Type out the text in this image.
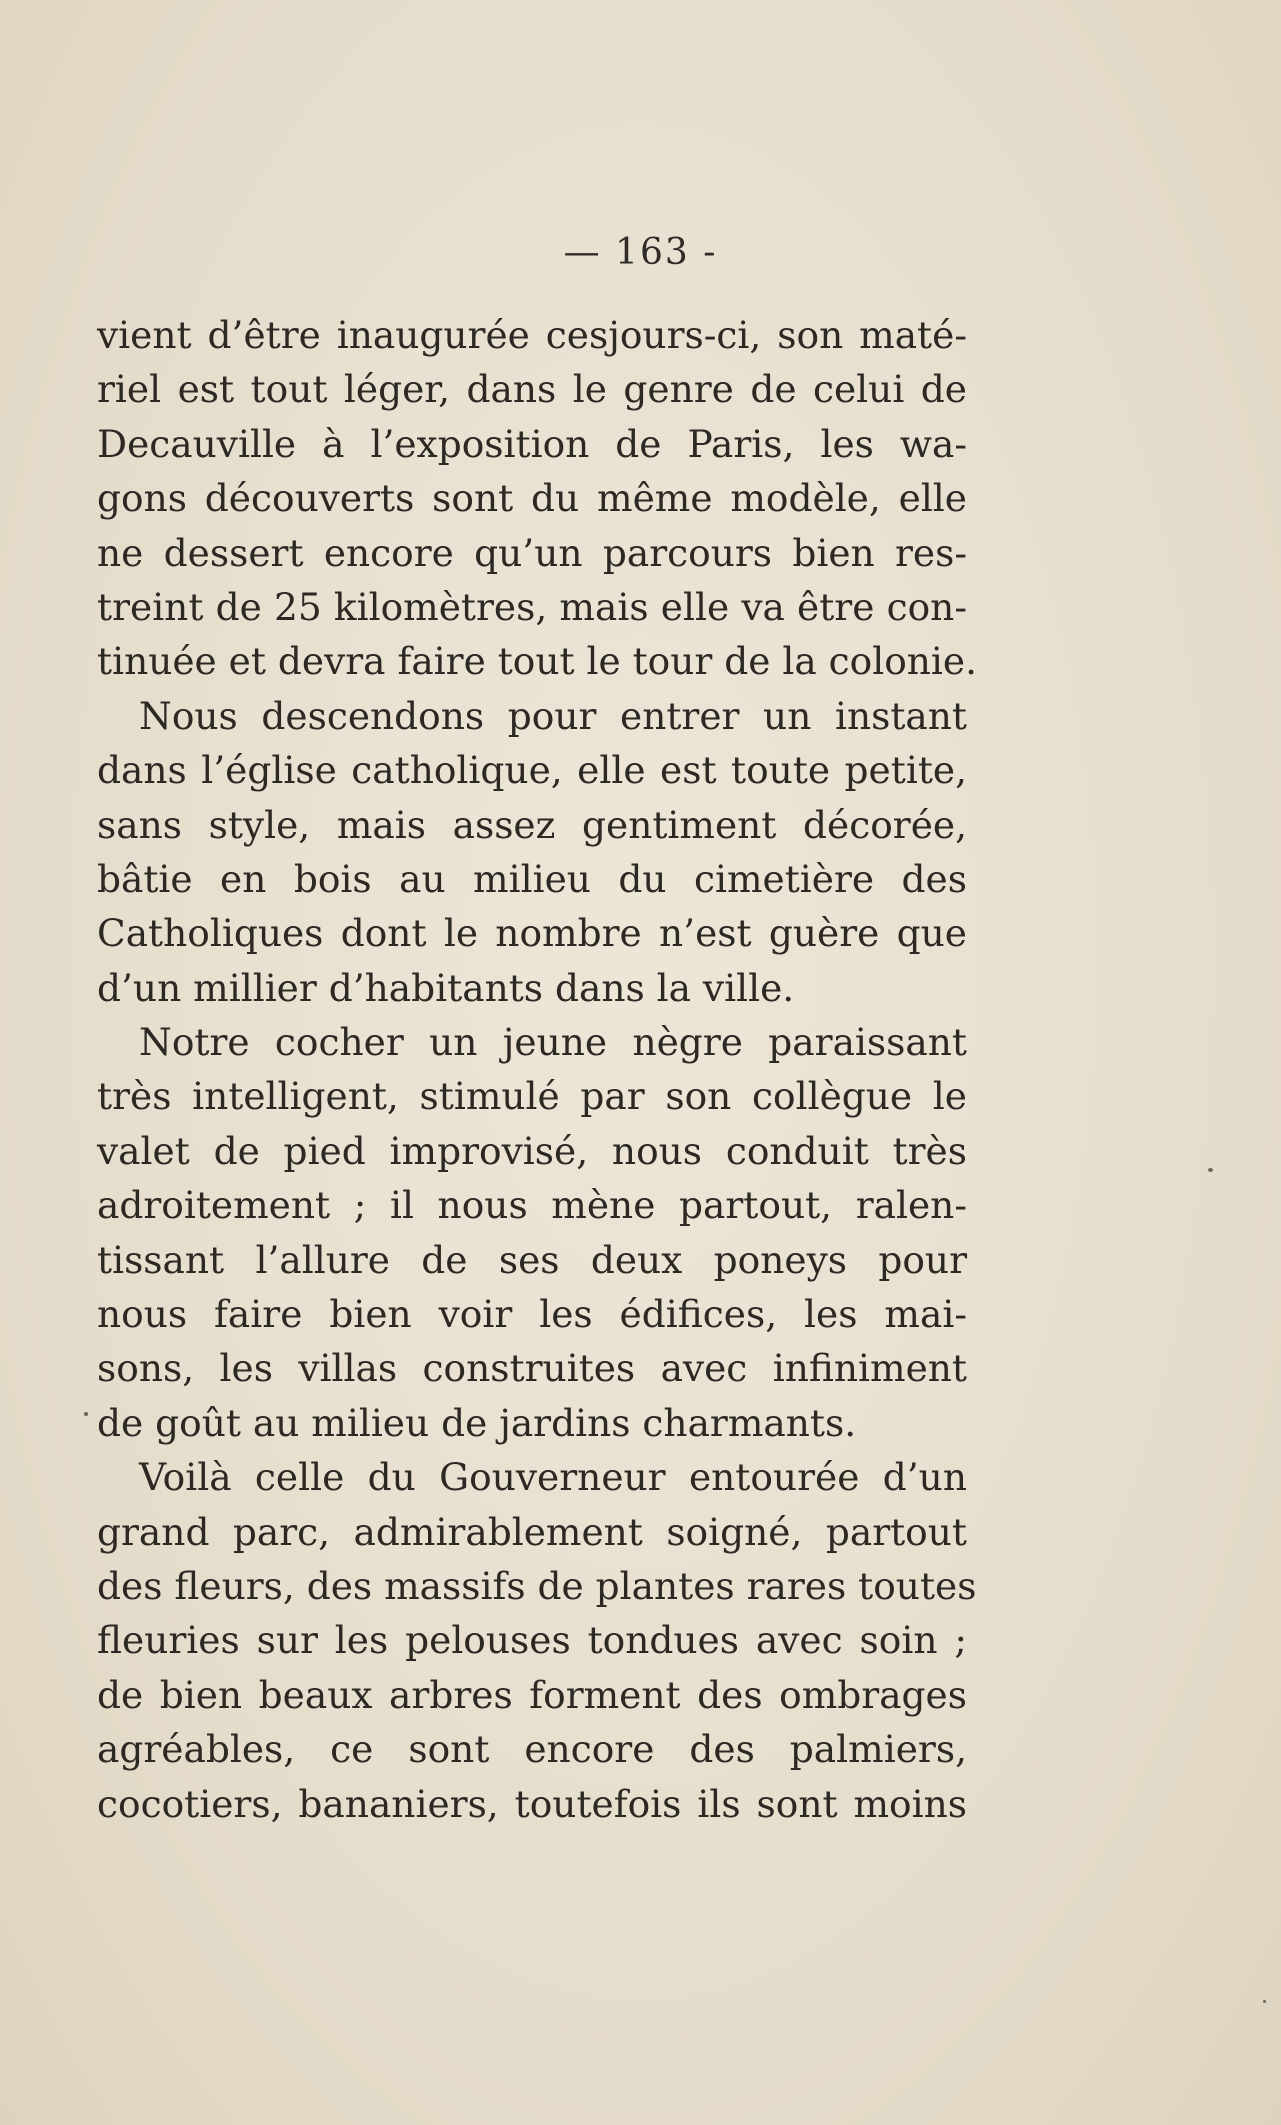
— 163 -
vient d’être inaugurée cesjours-ci, son maté-
riel est tout léger, dans le genre de celui de
Decauville à l’exposition de Paris, les wa-
gons découverts sont du même modèle, elle
ne dessert encore qu’un parcours bien res-
treint de 25 kilomètres, mais elle va être con-
tinuée et devra faire tout le tour de la colonie.
Nous descendons pour entrer un instant
dans l’église catholique, elle est toute petite,
sans style, mais assez gentiment décorée,
bâtie en bois au milieu du cimetière des
Catholiques dont le nombre n’est guère que
d’un millier d’habitants dans la ville.
Notre cocher un jeune nègre paraissant
très intelligent, stimulé par son collègue le
valet de pied improvisé, nous conduit très
adroitement ; il nous mène partout, ralen-
tissant l’allure de ses deux poneys pour
nous faire bien voir les édifices, les mai-
sons, les villas construites avec infiniment
de goût au milieu de jardins charmants.
Voilà celle du Gouverneur entourée d’un
grand parc, admirablement soigné, partout
des fleurs, des massifs de plantes rares toutes
fleuries sur les pelouses tondues avec soin ;
de bien beaux arbres forment des ombrages
agréables, ce sont encore des palmiers,
cocotiers, bananiers, toutefois ils sont moins
